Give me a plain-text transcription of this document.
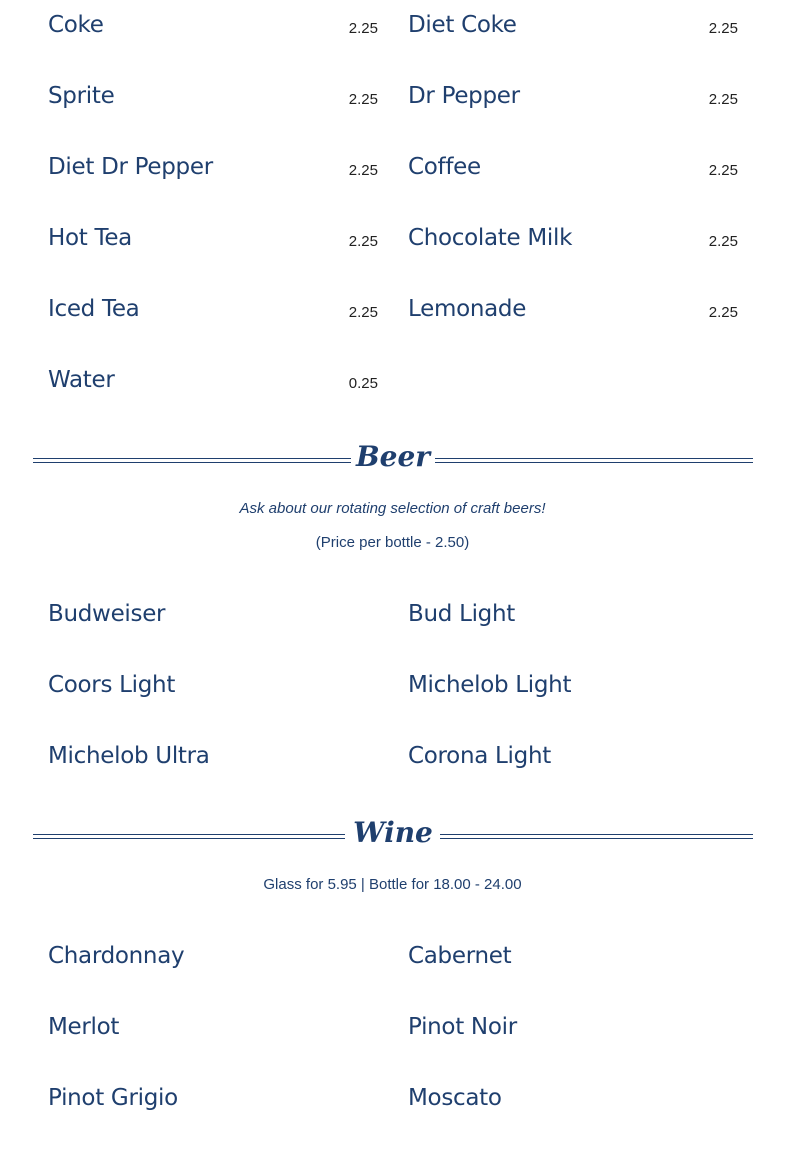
Coke	2.25 Diet Coke	2.25
Sprite	2.25 Dr Pepper	2.25
Diet Dr Pepper	2.25 Coffee	2.25
Hot Tea	2.25 Chocolate Milk	2.25
Iced Tea	2.25 Lemonade	2.25
Water	0.25
Beer
Ask about our rotating selection of craft beers!
(Price per bottle - 2.50)
Budweiser	Bud Light
Coors Light	Michelob Light
Michelob Ultra	Corona Light
Wine
Glass for 5.95 | Bottle for 18.00 - 24.00
Chardonnay	Cabernet
Merlot	Pinot Noir
Pinot Grigio	Moscato
